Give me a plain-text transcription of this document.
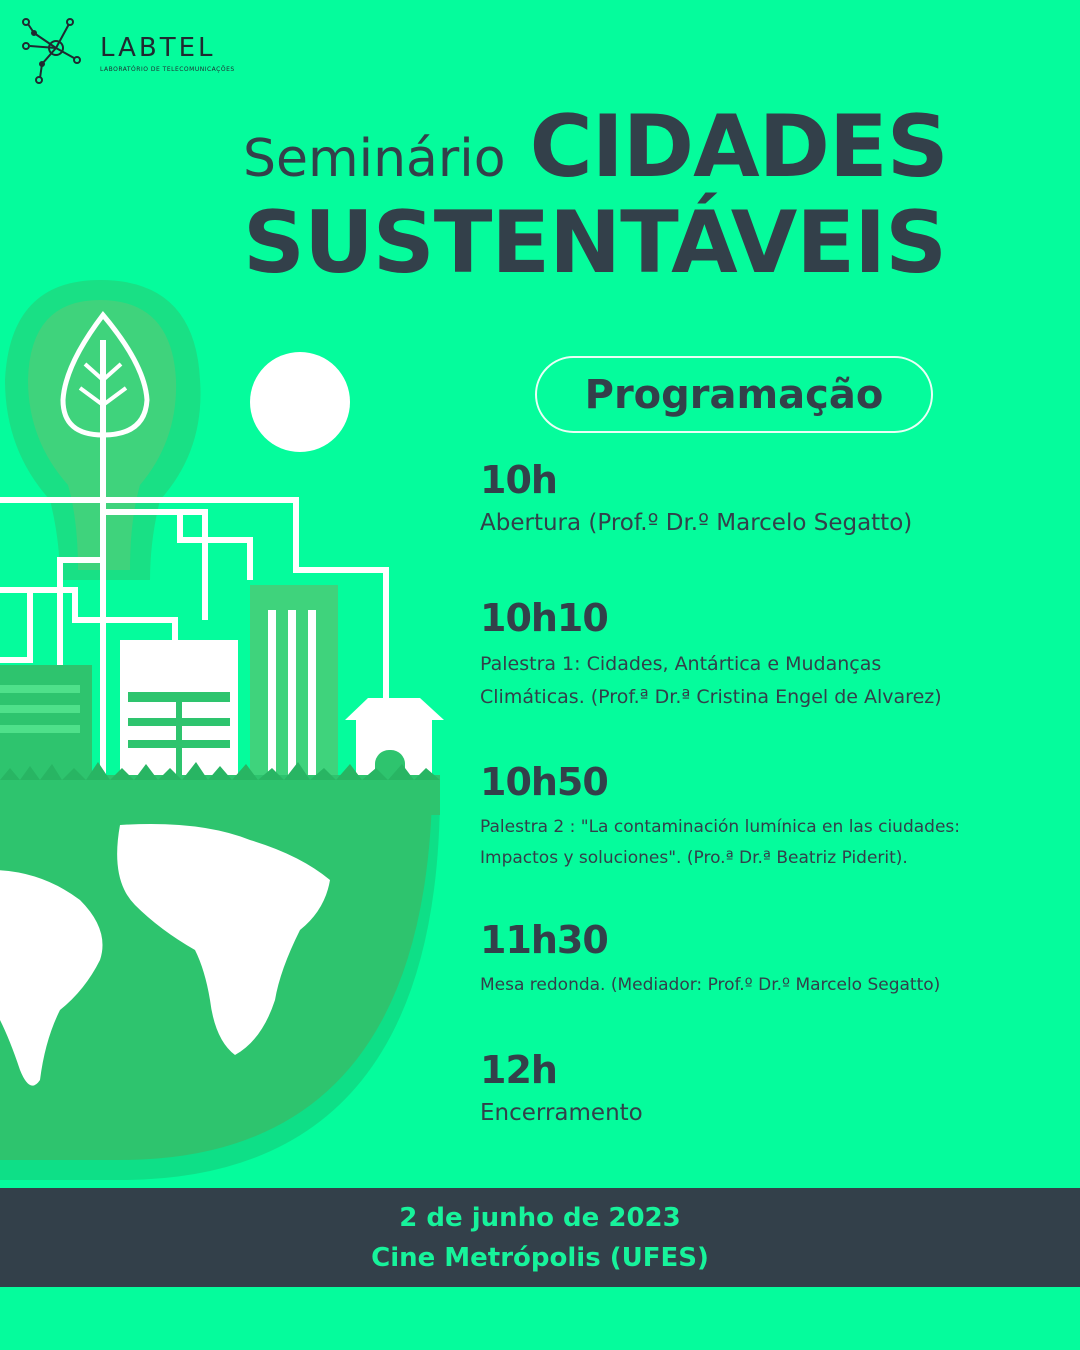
LABTEL
LABORATÓRIO DE TELECOMUNICAÇÕES
Seminário CIDADES
SUSTENTÁVEIS
Programação
10h
Abertura (Prof.º Dr.º Marcelo Segatto)
10h10
Palestra 1: Cidades, Antártica e Mudanças
Climáticas. (Prof.ª Dr.ª Cristina Engel de Alvarez)
10h50
Palestra 2 : "La contaminación lumínica en las ciudades:
Impactos y soluciones". (Pro.ª Dr.ª Beatriz Piderit).
11h30
Mesa redonda. (Mediador: Prof.º Dr.º Marcelo Segatto)
12h
Encerramento
2 de junho de 2023
Cine Metrópolis (UFES)
